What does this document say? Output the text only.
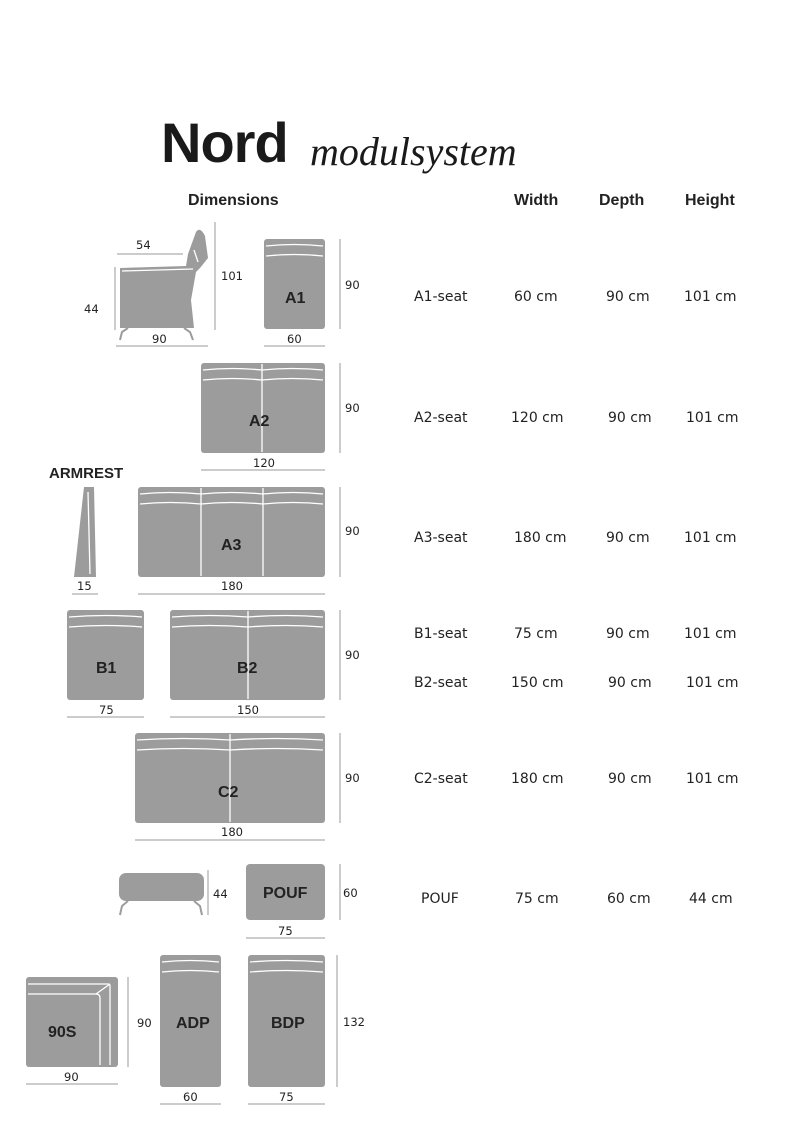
Nord modulsystem
Dimensions	Width	Depth	Height
ARMREST
A1-seat	60 cm	90 cm 101 cm
A2-seat	120 cm	90 cm 101 cm
A3-seat	180 cm	90 cm 101 cm
B1-seat	75 cm	90 cm 101 cm
B2-seat	150 cm	90 cm 101 cm
C2-seat	180 cm	90 cm 101 cm
POUF	75 cm	60 cm	44 cm
54
101
44
90
A1
90
60
A2
90
120
15
A3
90
180
B1
75
B2
90
150
C2
90
180
44 POUF	60
75
90S
90
90
ADP
60
BDP	132
75
